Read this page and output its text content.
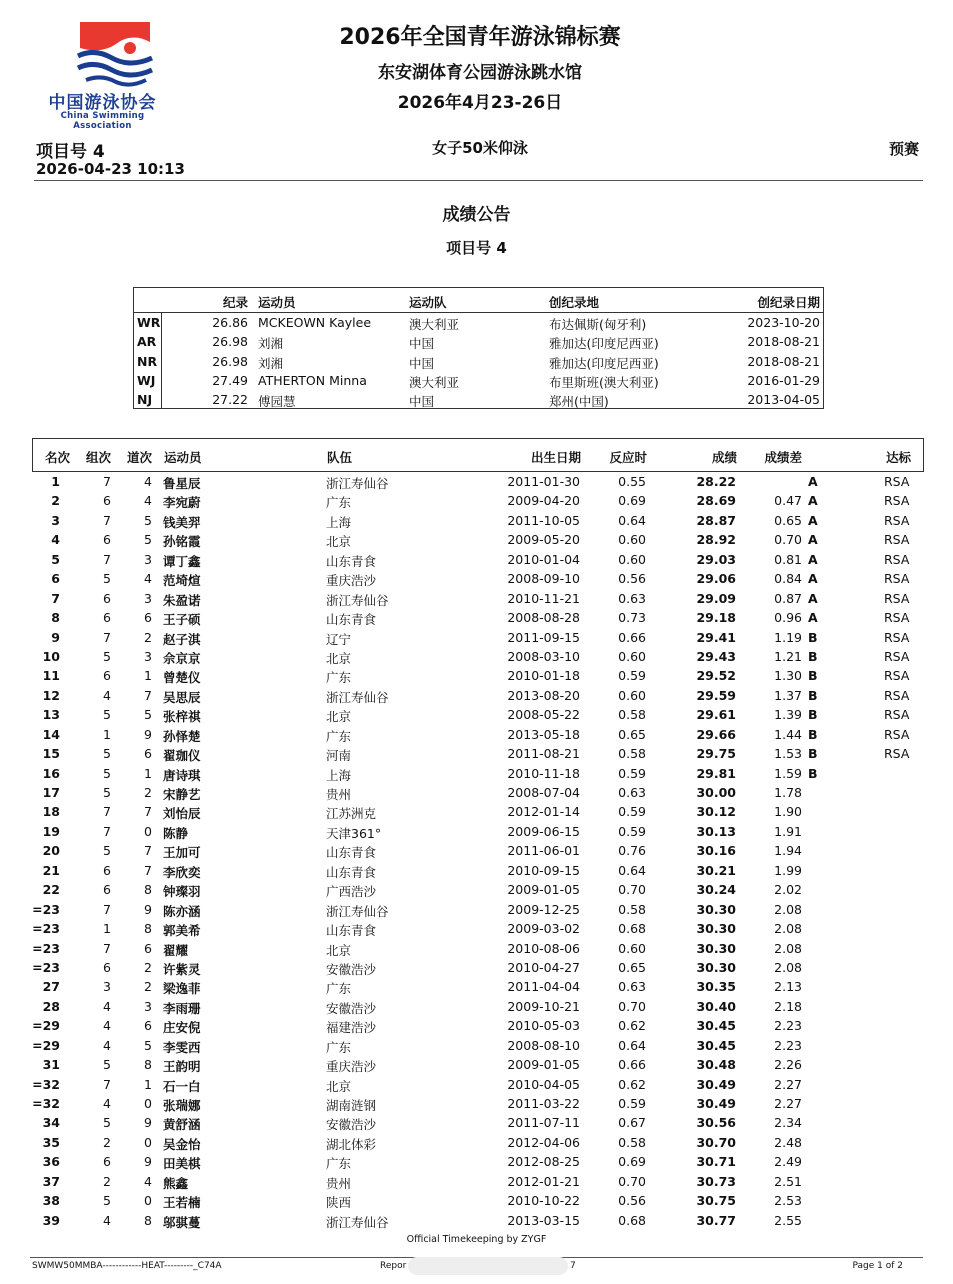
中国游泳协会
China Swimming Association
2026年全国青年游泳锦标赛
东安湖体育公园游泳跳水馆
2026年4月23-26日
项目号 4
2026-04-23 10:13
女子50米仰泳	预赛
成绩公告
项目号 4
纪录 运动员	运动队	创纪录地	创纪录日期
WR	26.86 MCKEOWN Kaylee	澳大利亚	布达佩斯(匈牙利)	2023-10-20
AR	26.98 刘湘	中国	雅加达(印度尼西亚)	2018-08-21
NR	26.98 刘湘	中国	雅加达(印度尼西亚)	2018-08-21
WJ	27.49 ATHERTON Minna	澳大利亚	布里斯班(澳大利亚)	2016-01-29
NJ	27.22 傅园慧	中国	郑州(中国)	2013-04-05
名次 组次 道次 运动员	队伍	出生日期 反应时	成绩 成绩差	达标
1	7	4 鲁星辰	浙江寿仙谷	2011-01-30	0.55	28.22	A	RSA
2	6	4 李宛蔚	广东	2009-04-20	0.69	28.69	0.47 A	RSA
3	7	5 钱美羿	上海	2011-10-05	0.64	28.87	0.65 A	RSA
4	6	5 孙铭霞	北京	2009-05-20	0.60	28.92	0.70 A	RSA
5	7	3 谭丁鑫	山东青食	2010-01-04	0.60	29.03	0.81 A	RSA
6	5	4 范埼煊	重庆浩沙	2008-09-10	0.56	29.06	0.84 A	RSA
7	6	3 朱盈诺	浙江寿仙谷	2010-11-21	0.63	29.09	0.87 A	RSA
8	6	6 王子硕	山东青食	2008-08-28	0.73	29.18	0.96 A	RSA
9	7	2 赵子淇	辽宁	2011-09-15	0.66	29.41	1.19 B	RSA
10	5	3 佘京京	北京	2008-03-10	0.60	29.43	1.21 B	RSA
11	6	1 曾楚仪	广东	2010-01-18	0.59	29.52	1.30 B	RSA
12	4	7 吴思辰	浙江寿仙谷	2013-08-20	0.60	29.59	1.37 B	RSA
13	5	5 张梓祺	北京	2008-05-22	0.58	29.61	1.39 B	RSA
14	1	9 孙怿楚	广东	2013-05-18	0.65	29.66	1.44 B	RSA
15	5	6 翟珈仪	河南	2011-08-21	0.58	29.75	1.53 B	RSA
16	5	1 唐诗琪	上海	2010-11-18	0.59	29.81	1.59 B
17	5	2 宋静艺	贵州	2008-07-04	0.63	30.00	1.78
18	7	7 刘怡辰	江苏洲克	2012-01-14	0.59	30.12	1.90
19	7	0 陈静	天津361°	2009-06-15	0.59	30.13	1.91
20	5	7 王加可	山东青食	2011-06-01	0.76	30.16	1.94
21	6	7 李欣奕	山东青食	2010-09-15	0.64	30.21	1.99
22	6	8 钟璨羽	广西浩沙	2009-01-05	0.70	30.24	2.02
=23	7	9 陈亦涵	浙江寿仙谷	2009-12-25	0.58	30.30	2.08
=23	1	8 郭美希	山东青食	2009-03-02	0.68	30.30	2.08
=23	7	6 翟耀	北京	2010-08-06	0.60	30.30	2.08
=23	6	2 许紫灵	安徽浩沙	2010-04-27	0.65	30.30	2.08
27	3	2 梁逸菲	广东	2011-04-04	0.63	30.35	2.13
28	4	3 李雨珊	安徽浩沙	2009-10-21	0.70	30.40	2.18
=29	4	6 庄安倪	福建浩沙	2010-05-03	0.62	30.45	2.23
=29	4	5 李雯西	广东	2008-08-10	0.64	30.45	2.23
31	5	8 王韵明	重庆浩沙	2009-01-05	0.66	30.48	2.26
=32	7	1 石一白	北京	2010-04-05	0.62	30.49	2.27
=32	4	0 张瑞娜	湖南涟钢	2011-03-22	0.59	30.49	2.27
34	5	9 黄舒涵	安徽浩沙	2011-07-11	0.67	30.56	2.34
35	2	0 吴金怡	湖北体彩	2012-04-06	0.58	30.70	2.48
36	6	9 田美棋	广东	2012-08-25	0.69	30.71	2.49
37	2	4 熊鑫	贵州	2012-01-21	0.70	30.73	2.51
38	5	0 王若楠	陕西	2010-10-22	0.56	30.75	2.53
39	4	8 邬骐蔓	浙江寿仙谷	2013-03-15	0.68	30.77	2.55
Official Timekeeping by ZYGF
SWMW50MMBA------------HEAT---------_C74A	Repor	7	Page 1 of 2
